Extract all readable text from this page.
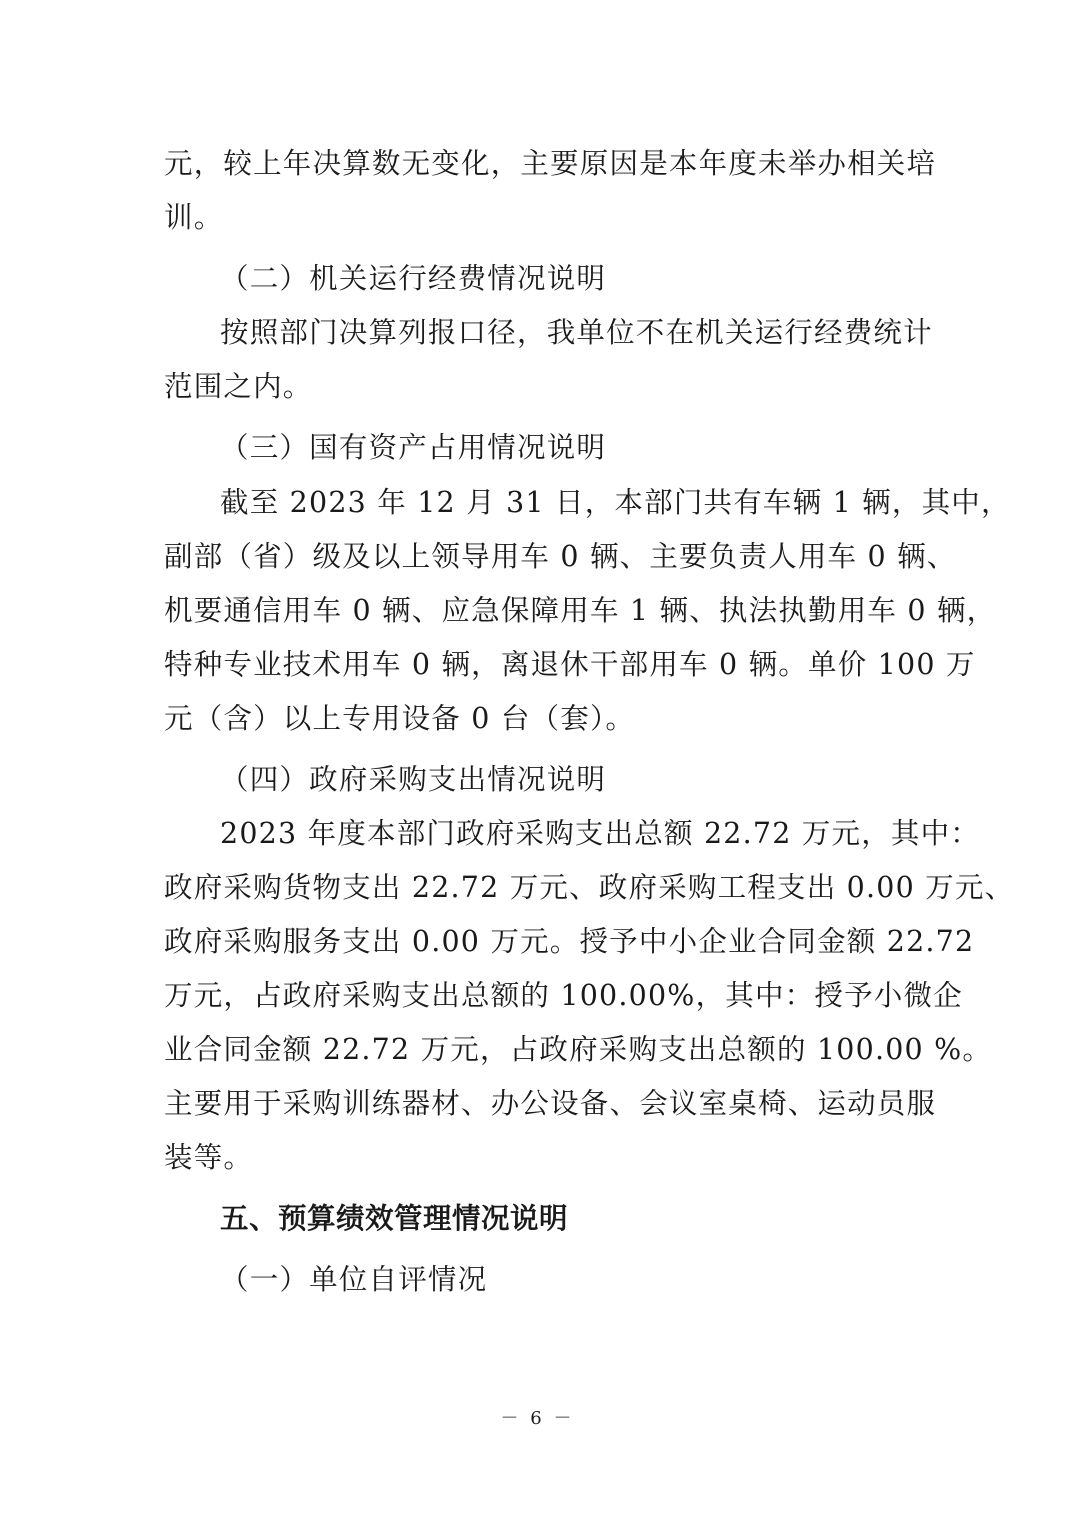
元，较上年决算数无变化，主要原因是本年度未举办相关培
训。
（二）机关运行经费情况说明
按照部门决算列报口径，我单位不在机关运行经费统计
范围之内。
（三）国有资产占用情况说明
截至 2023 年 12 月 31 日，本部门共有车辆 1 辆，其中，
副部（省）级及以上领导用车 0 辆、主要负责人用车 0 辆、
机要通信用车 0 辆、应急保障用车 1 辆、执法执勤用车 0 辆，
特种专业技术用车 0 辆，离退休干部用车 0 辆。单价 100 万
元（含）以上专用设备 0 台（套）。
（四）政府采购支出情况说明
2023 年度本部门政府采购支出总额 22.72 万元，其中：
政府采购货物支出 22.72 万元、政府采购工程支出 0.00 万元、
政府采购服务支出 0.00 万元。授予中小企业合同金额 22.72
万元，占政府采购支出总额的 100.00%，其中：授予小微企
业合同金额 22.72 万元，占政府采购支出总额的 100.00 %。
主要用于采购训练器材、办公设备、会议室桌椅、运动员服
装等。
五、预算绩效管理情况说明
（一）单位自评情况
－ 6 －
